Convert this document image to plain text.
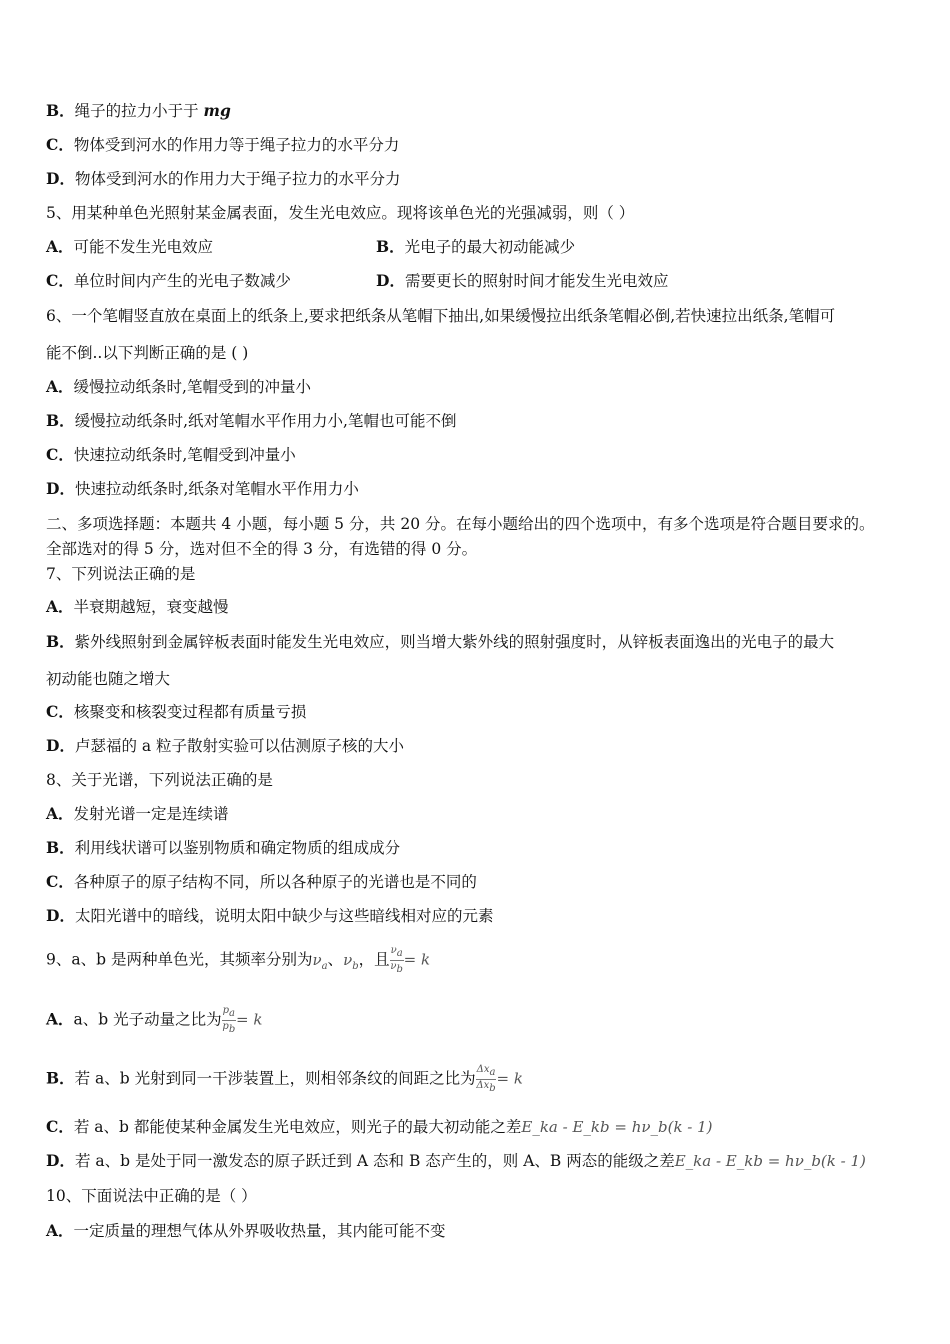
B．绳子的拉力小于于 mg
C．物体受到河水的作用力等于绳子拉力的水平分力
D．物体受到河水的作用力大于绳子拉力的水平分力
5、用某种单色光照射某金属表面，发生光电效应。现将该单色光的光强减弱，则（ ）
A．可能不发生光电效应	B．光电子的最大初动能减少
C．单位时间内产生的光电子数减少	D．需要更长的照射时间才能发生光电效应
6、一个笔帽竖直放在桌面上的纸条上,要求把纸条从笔帽下抽出,如果缓慢拉出纸条笔帽必倒,若快速拉出纸条,笔帽可
能不倒..以下判断正确的是 ( )
A．缓慢拉动纸条时,笔帽受到的冲量小
B．缓慢拉动纸条时,纸对笔帽水平作用力小,笔帽也可能不倒
C．快速拉动纸条时,笔帽受到冲量小
D．快速拉动纸条时,纸条对笔帽水平作用力小
二、多项选择题：本题共 4 小题，每小题 5 分，共 20 分。在每小题给出的四个选项中，有多个选项是符合题目要求的。
全部选对的得 5 分，选对但不全的得 3 分，有选错的得 0 分。
7、下列说法正确的是
A．半衰期越短，衰变越慢
B．紫外线照射到金属锌板表面时能发生光电效应，则当增大紫外线的照射强度时，从锌板表面逸出的光电子的最大
初动能也随之增大
C．核聚变和核裂变过程都有质量亏损
D．卢瑟福的 a 粒子散射实验可以估测原子核的大小
8、关于光谱，下列说法正确的是
A．发射光谱一定是连续谱
B．利用线状谱可以鉴别物质和确定物质的组成成分
C．各种原子的原子结构不同，所以各种原子的光谱也是不同的
D．太阳光谱中的暗线，说明太阳中缺少与这些暗线相对应的元素
9、a、b 是两种单色光，其频率分别为$\nu_a$、$\nu_b$，且 $\frac{\nu_a}{\nu_b} = k$
A．a、b 光子动量之比为 $\frac{p_a}{p_b} = k$
B．若 a、b 光射到同一干涉装置上，则相邻条纹的间距之比为 $\frac{\Delta x_a}{\Delta x_b} = k$
C．若 a、b 都能使某种金属发生光电效应，则光子的最大初动能之差E_ka - E_kb = hν_b(k - 1)
D．若 a、b 是处于同一激发态的原子跃迁到 A 态和 B 态产生的，则 A、B 两态的能级之差E_ka - E_kb = hν_b(k - 1)
10、下面说法中正确的是（ ）
A．一定质量的理想气体从外界吸收热量，其内能可能不变
